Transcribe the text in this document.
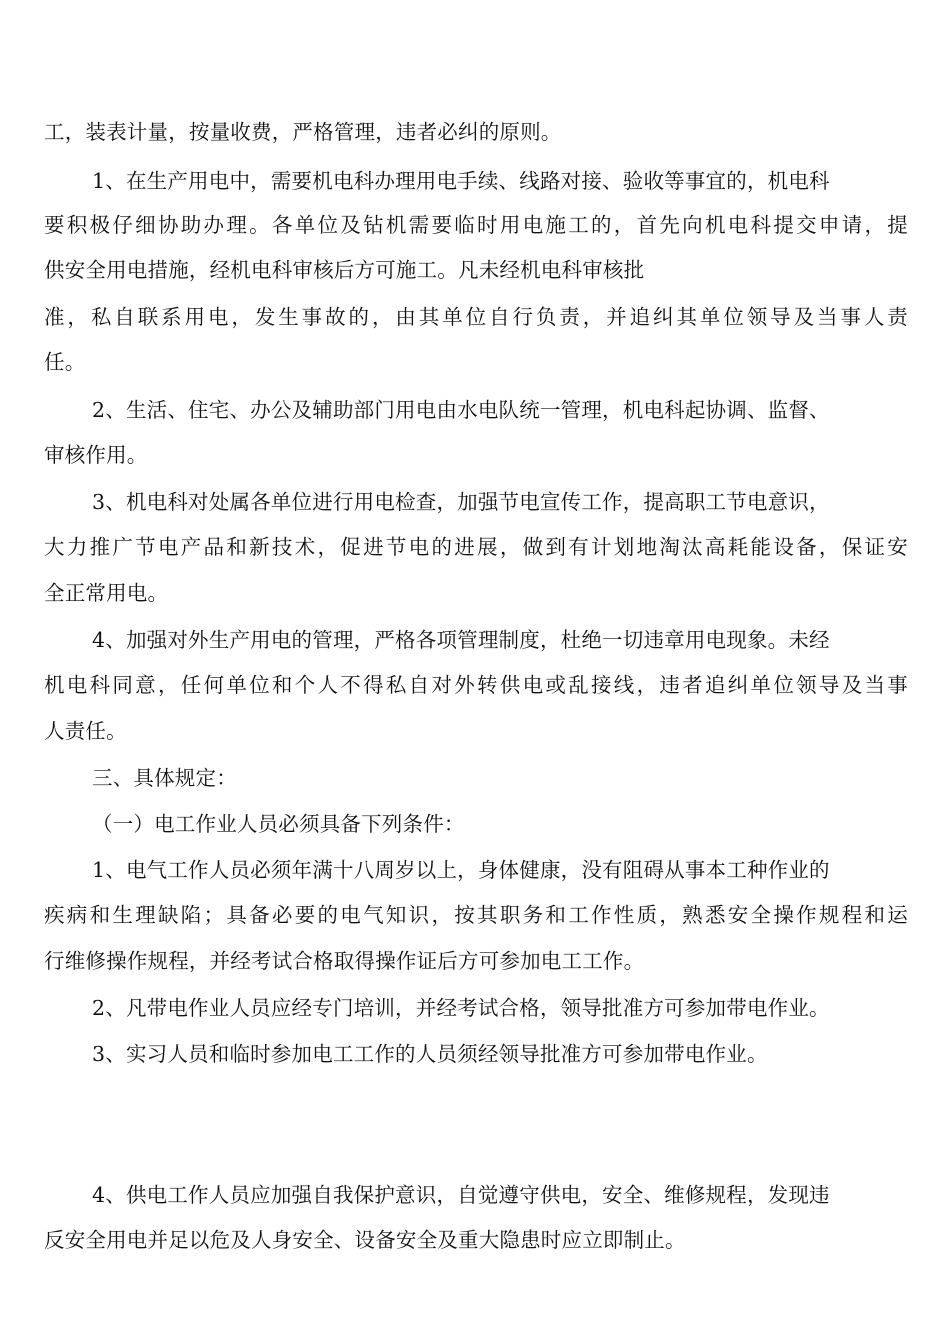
工，装表计量，按量收费，严格管理，违者必纠的原则。
1、在生产用电中，需要机电科办理用电手续、线路对接、验收等事宜的，机电科
要积极仔细协助办理。各单位及钻机需要临时用电施工的，首先向机电科提交申请，提
供安全用电措施，经机电科审核后方可施工。凡未经机电科审核批
准，私自联系用电，发生事故的，由其单位自行负责，并追纠其单位领导及当事人责
任。
2、生活、住宅、办公及辅助部门用电由水电队统一管理，机电科起协调、监督、
审核作用。
3、机电科对处属各单位进行用电检查，加强节电宣传工作，提高职工节电意识，
大力推广节电产品和新技术，促进节电的进展，做到有计划地淘汰高耗能设备，保证安
全正常用电。
4、加强对外生产用电的管理，严格各项管理制度，杜绝一切违章用电现象。未经
机电科同意，任何单位和个人不得私自对外转供电或乱接线，违者追纠单位领导及当事
人责任。
三、具体规定：
（一）电工作业人员必须具备下列条件：
1、电气工作人员必须年满十八周岁以上，身体健康，没有阻碍从事本工种作业的
疾病和生理缺陷；具备必要的电气知识，按其职务和工作性质，熟悉安全操作规程和运
行维修操作规程，并经考试合格取得操作证后方可参加电工工作。
2、凡带电作业人员应经专门培训，并经考试合格，领导批准方可参加带电作业。
3、实习人员和临时参加电工工作的人员须经领导批准方可参加带电作业。
4、供电工作人员应加强自我保护意识，自觉遵守供电，安全、维修规程，发现违
反安全用电并足以危及人身安全、设备安全及重大隐患时应立即制止。
